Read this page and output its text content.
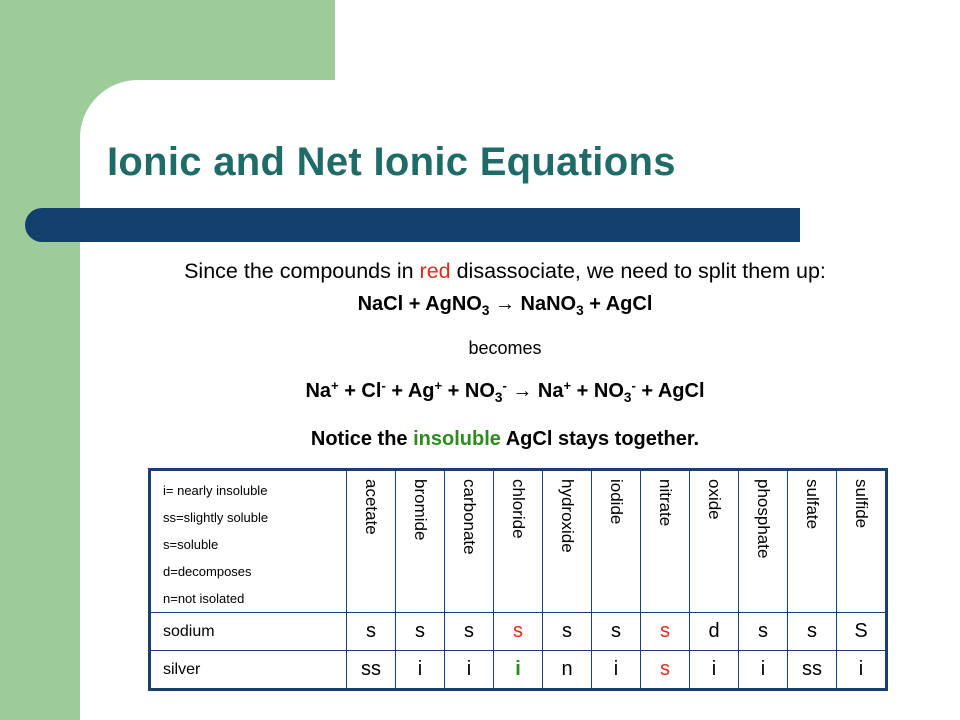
Ionic and Net Ionic Equations
Since the compounds in red disassociate, we need to split them up:
NaCl + AgNO$_3$ → NaNO$_3$ + AgCl
becomes
$Na^+ + Cl^- + Ag^+ + NO_3^- \to Na^+ + NO_3^-$ + AgCl
Notice the insoluble AgCl stays together.
i= nearly insoluble
ss=slightly soluble
s=soluble
d=decomposes
n=not isolated	acetate	bromide	carbonate	chloride	hydroxide	iodide	nitrate	oxide	phosphate	sulfate	sulfide

sodium	s	s	s	s	s	s	s	d	s	s	S
silver	ss	i	i	i	n	i	s	i	i	ss	i
